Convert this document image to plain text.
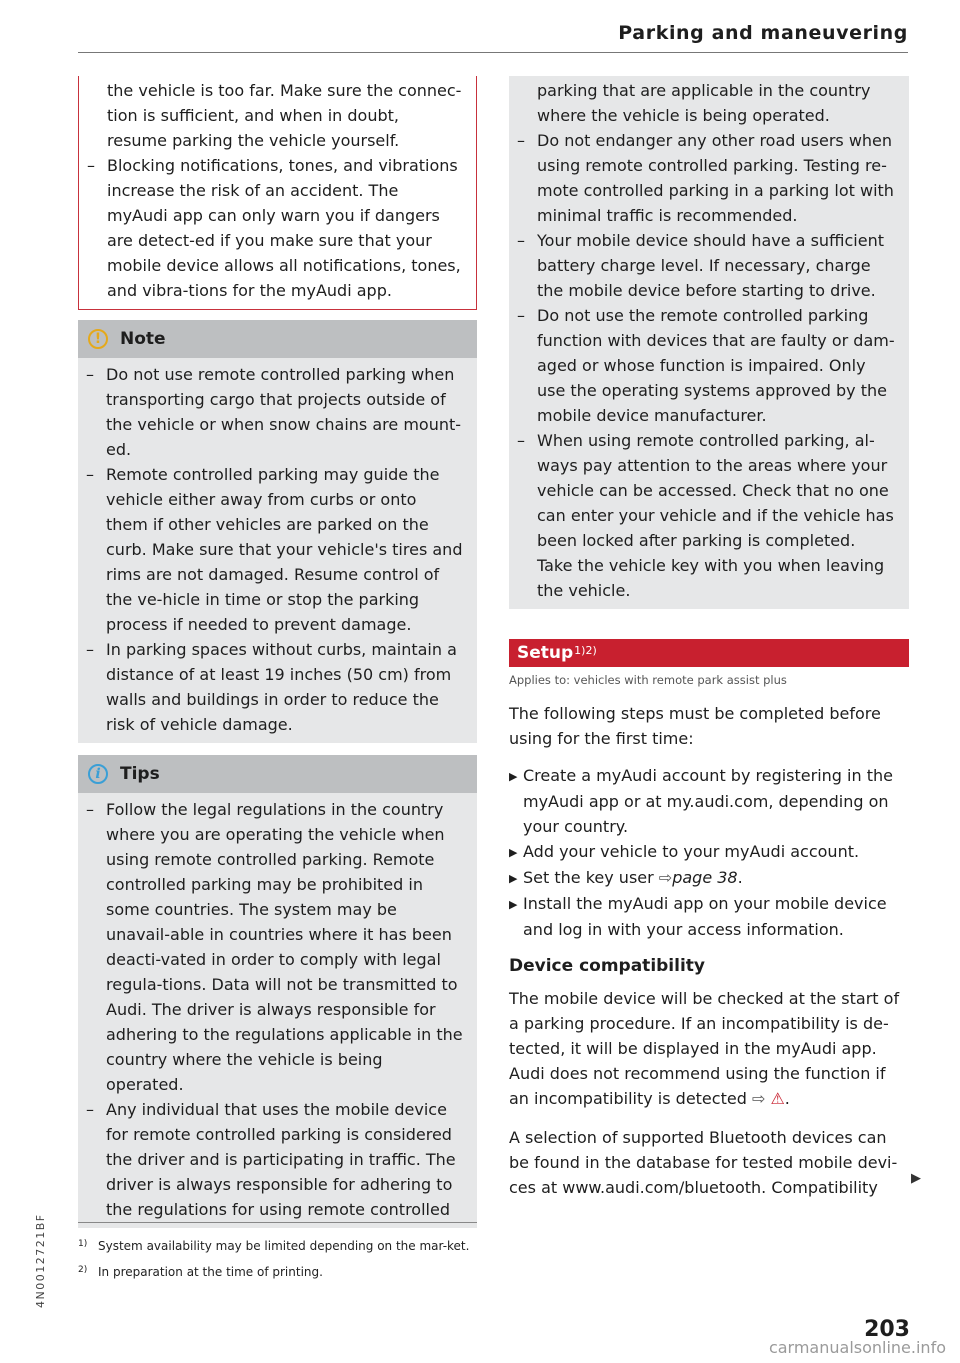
Parking and maneuvering
the vehicle is too far. Make sure the connec-tion is sufficient, and when in doubt, resume parking the vehicle yourself.
– Blocking notifications, tones, and vibrations increase the risk of an accident. The myAudi app can only warn you if dangers are detect-ed if you make sure that your mobile device allows all notifications, tones, and vibra-tions for the myAudi app.
!	Note
– Do not use remote controlled parking when transporting cargo that projects outside of the vehicle or when snow chains are mount-ed.
– Remote controlled parking may guide the vehicle either away from curbs or onto them if other vehicles are parked on the curb. Make sure that your vehicle's tires and rims are not damaged. Resume control of the ve-hicle in time or stop the parking process if needed to prevent damage.
– In parking spaces without curbs, maintain a distance of at least 19 inches (50 cm) from walls and buildings in order to reduce the risk of vehicle damage.
i	Tips
– Follow the legal regulations in the country where you are operating the vehicle when using remote controlled parking. Remote controlled parking may be prohibited in some countries. The system may be unavail-able in countries where it has been deacti-vated in order to comply with legal regula-tions. Data will not be transmitted to Audi. The driver is always responsible for adhering to the regulations applicable in the country where the vehicle is being operated.
– Any individual that uses the mobile device for remote controlled parking is considered the driver and is participating in traffic. The driver is always responsible for adhering to the regulations for using remote controlled
parking that are applicable in the country where the vehicle is being operated.
– Do not endanger any other road users when using remote controlled parking. Testing re-mote controlled parking in a parking lot with minimal traffic is recommended.
– Your mobile device should have a sufficient battery charge level. If necessary, charge the mobile device before starting to drive.
– Do not use the remote controlled parking function with devices that are faulty or dam-aged or whose function is impaired. Only use the operating systems approved by the mobile device manufacturer.
– When using remote controlled parking, al-ways pay attention to the areas where your vehicle can be accessed. Check that no one can enter your vehicle and if the vehicle has been locked after parking is completed. Take the vehicle key with you when leaving the vehicle.
Setup$^{1)2)}$
Applies to: vehicles with remote park assist plus
The following steps must be completed before using for the first time:
▶ Create a myAudi account by registering in the myAudi app or at my.audi.com, depending on your country.
▶ Add your vehicle to your myAudi account.
▶ Set the key user ⇨page 38.
▶ Install the myAudi app on your mobile device and log in with your access information.
Device compatibility
The mobile device will be checked at the start of a parking procedure. If an incompatibility is de-tected, it will be displayed in the myAudi app. Audi does not recommend using the function if an incompatibility is detected ⇨ ⚠.
A selection of supported Bluetooth devices can be found in the database for tested mobile devi-ces at www.audi.com/bluetooth. Compatibility	▶
1) System availability may be limited depending on the mar-ket.
2) In preparation at the time of printing.
4N0012721BF
203
carmanualsonline.info
